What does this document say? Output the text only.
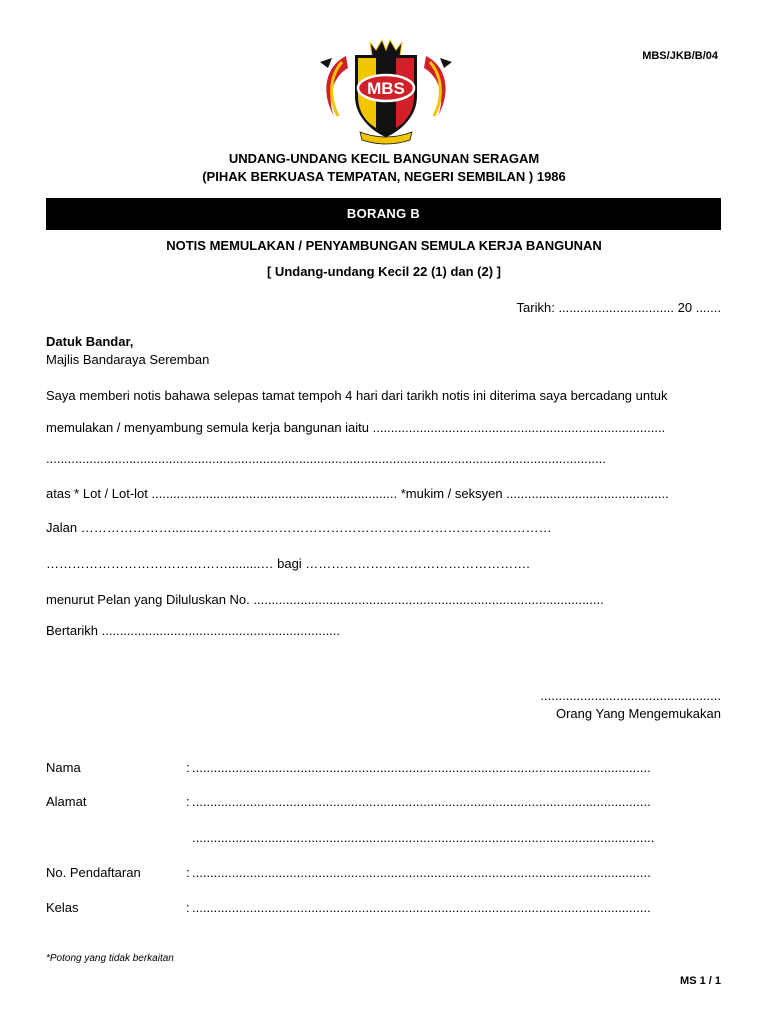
MBS/JKB/B/04
MBS
UNDANG-UNDANG KECIL BANGUNAN SERAGAM
(PIHAK BERKUASA TEMPATAN, NEGERI SEMBILAN ) 1986
BORANG B
NOTIS MEMULAKAN / PENYAMBUNGAN SEMULA KERJA BANGUNAN
[ Undang-undang Kecil 22 (1) dan (2) ]
Tarikh: ................................ 20 .......
Datuk Bandar,
Majlis Bandaraya Seremban
Saya memberi notis bahawa selepas tamat tempoh 4 hari dari tarikh notis ini diterima saya bercadang untuk
memulakan / menyambung semula kerja bangunan iaitu .................................................................................
...........................................................................................................................................................
atas * Lot / Lot-lot .................................................................... *mukim / seksyen .............................................
Jalan …………………........………………………………………………………………………
…………………………………….........… bagi …………………………………………….
menurut Pelan yang Diluluskan No. .................................................................................................
Bertarikh ..................................................................
..................................................
Orang Yang Mengemukakan
Nama	: ...............................................................................................................................
Alamat	: ...............................................................................................................................
................................................................................................................................
No. Pendaftaran	: ...............................................................................................................................
Kelas	: ...............................................................................................................................
*Potong yang tidak berkaitan
MS 1 / 1
